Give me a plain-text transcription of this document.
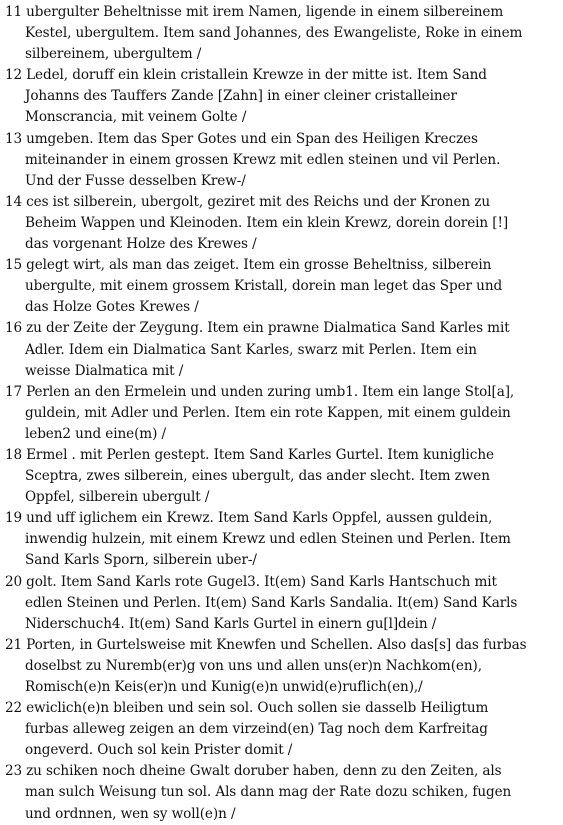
11 ubergulter Beheltnisse mit irem Namen, ligende in einem silbereinem
Kestel, ubergultem. Item sand Johannes, des Ewangeliste, Roke in einem
silbereinem, ubergultem /

12 Ledel, doruff ein klein cristallein Krewze in der mitte ist. Item Sand
Johanns des Tauffers Zande [Zahn] in einer cleiner cristalleiner
Monscrancia, mit veinem Golte /

13 umgeben. Item das Sper Gotes und ein Span des Heiligen Kreczes
miteinander in einem grossen Krewz mit edlen steinen und vil Perlen.
Und der Fusse desselben Krew-/

14 ces ist silberein, ubergolt, geziret mit des Reichs und der Kronen zu
Beheim Wappen und Kleinoden. Item ein klein Krewz, dorein dorein [!]
das vorgenant Holze des Krewes /

15 gelegt wirt, als man das zeiget. Item ein grosse Beheltniss, silberein
ubergulte, mit einem grossem Kristall, dorein man leget das Sper und
das Holze Gotes Krewes /

16 zu der Zeite der Zeygung. Item ein prawne Dialmatica Sand Karles mit
Adler. Idem ein Dialmatica Sant Karles, swarz mit Perlen. Item ein
weisse Dialmatica mit /

17 Perlen an den Ermelein und unden zuring umb1. Item ein lange Stol[a],
guldein, mit Adler und Perlen. Item ein rote Kappen, mit einem guldein
leben2 und eine(m) /

18 Ermel . mit Perlen gestept. Item Sand Karles Gurtel. Item kunigliche
Sceptra, zwes silberein, eines ubergult, das ander slecht. Item zwen
Oppfel, silberein ubergult /

19 und uff iglichem ein Krewz. Item Sand Karls Oppfel, aussen guldein,
inwendig hulzein, mit einem Krewz und edlen Steinen und Perlen. Item
Sand Karls Sporn, silberein uber-/

20 golt. Item Sand Karls rote Gugel3. It(em) Sand Karls Hantschuch mit
edlen Steinen und Perlen. It(em) Sand Karls Sandalia. It(em) Sand Karls
Niderschuch4. It(em) Sand Karls Gurtel in einern gu[l]dein /

21 Porten, in Gurtelsweise mit Knewfen und Schellen. Also das[s] das furbas
doselbst zu Nuremb(er)g von uns und allen uns(er)n Nachkom(en),
Romisch(e)n Keis(er)n und Kunig(e)n unwid(e)ruflich(en),/

22 ewiclich(e)n bleiben und sein sol. Ouch sollen sie dasselb Heiligtum
furbas alleweg zeigen an dem virzeind(en) Tag noch dem Karfreitag
ongeverd. Ouch sol kein Prister domit /

23 zu schiken noch dheine Gwalt doruber haben, denn zu den Zeiten, als
man sulch Weisung tun sol. Als dann mag der Rate dozu schiken, fugen
und ordnnen, wen sy woll(e)n /
